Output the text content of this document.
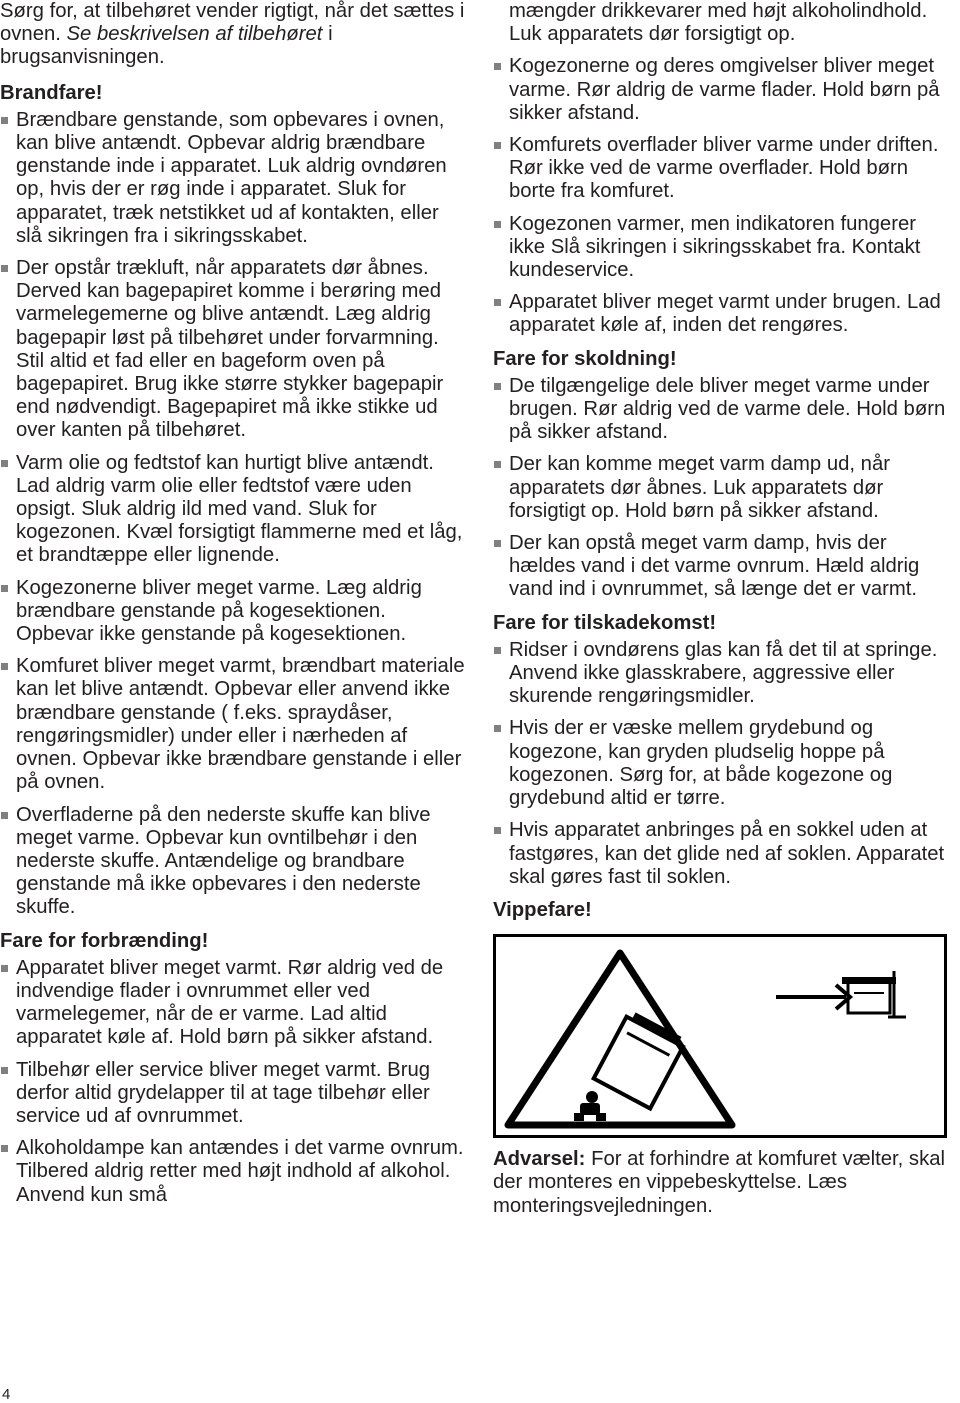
Sørg for, at tilbehøret vender rigtigt, når det sættes i ovnen. Se beskrivelsen af tilbehøret i brugsanvisningen.

Brandfare!
Brændbare genstande, som opbevares i ovnen, kan blive antændt. Opbevar aldrig brændbare genstande inde i apparatet. Luk aldrig ovndøren op, hvis der er røg inde i apparatet. Sluk for apparatet, træk netstikket ud af kontakten, eller slå sikringen fra i sikringsskabet.
Der opstår trækluft, når apparatets dør åbnes. Derved kan bagepapiret komme i berøring med varmelegemerne og blive antændt. Læg aldrig bagepapir løst på tilbehøret under forvarmning. Stil altid et fad eller en bageform oven på bagepapiret. Brug ikke større stykker bagepapir end nødvendigt. Bagepapiret må ikke stikke ud over kanten på tilbehøret.
Varm olie og fedtstof kan hurtigt blive antændt. Lad aldrig varm olie eller fedtstof være uden opsigt. Sluk aldrig ild med vand. Sluk for kogezonen. Kvæl forsigtigt flammerne med et låg, et brandtæppe eller lignende.
Kogezonerne bliver meget varme. Læg aldrig brændbare genstande på kogesektionen. Opbevar ikke genstande på kogesektionen.
Komfuret bliver meget varmt, brændbart materiale kan let blive antændt. Opbevar eller anvend ikke brændbare genstande ( f.eks. spraydåser, rengøringsmidler) under eller i nærheden af ovnen. Opbevar ikke brændbare genstande i eller på ovnen.
Overfladerne på den nederste skuffe kan blive meget varme. Opbevar kun ovntilbehør i den nederste skuffe. Antændelige og brandbare genstande må ikke opbevares i den nederste skuffe.
Fare for forbrænding!
Apparatet bliver meget varmt. Rør aldrig ved de indvendige flader i ovnrummet eller ved varmelegemer, når de er varme. Lad altid apparatet køle af. Hold børn på sikker afstand.
Tilbehør eller service bliver meget varmt. Brug derfor altid grydelapper til at tage tilbehør eller service ud af ovnrummet.
Alkoholdampe kan antændes i det varme ovnrum. Tilbered aldrig retter med højt indhold af alkohol. Anvend kun små
mængder drikkevarer med højt alkoholindhold. Luk apparatets dør forsigtigt op.
Kogezonerne og deres omgivelser bliver meget varme. Rør aldrig de varme flader. Hold børn på sikker afstand.
Komfurets overflader bliver varme under driften. Rør ikke ved de varme overflader. Hold børn borte fra komfuret.
Kogezonen varmer, men indikatoren fungerer ikke Slå sikringen i sikringsskabet fra. Kontakt kundeservice.
Apparatet bliver meget varmt under brugen. Lad apparatet køle af, inden det rengøres.
Fare for skoldning!
De tilgængelige dele bliver meget varme under brugen. Rør aldrig ved de varme dele. Hold børn på sikker afstand.
Der kan komme meget varm damp ud, når apparatets dør åbnes. Luk apparatets dør forsigtigt op. Hold børn på sikker afstand.
Der kan opstå meget varm damp, hvis der hældes vand i det varme ovnrum. Hæld aldrig vand ind i ovnrummet, så længe det er varmt.
Fare for tilskadekomst!
Ridser i ovndørens glas kan få det til at springe. Anvend ikke glasskrabere, aggressive eller skurende rengøringsmidler.
Hvis der er væske mellem grydebund og kogezone, kan gryden pludselig hoppe på kogezonen. Sørg for, at både kogezone og grydebund altid er tørre.
Hvis apparatet anbringes på en sokkel uden at fastgøres, kan det glide ned af soklen. Apparatet skal gøres fast til soklen.
Vippefare!

Advarsel: For at forhindre at komfuret vælter, skal der monteres en vippebeskyttelse. Læs monteringsvejledningen.

4
